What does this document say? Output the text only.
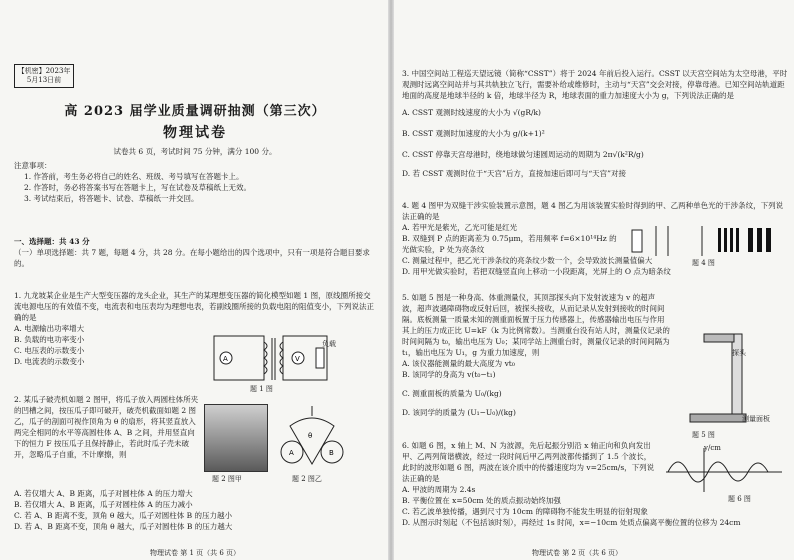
【机密】2023年
5月13日前
高 2023 届学业质量调研抽测（第三次）
物理试卷
试卷共 6 页，考试时间 75 分钟，满分 100 分。
注意事项：
1. 作答前，考生务必将自己的姓名、班级、考号填写在答题卡上。
2. 作答时，务必将答案书写在答题卡上，写在试卷及草稿纸上无效。
3. 考试结束后，将答题卡、试卷、草稿纸一并交回。
一、选择题：共 43 分
（一）单项选择题：共 7 题，每题 4 分，共 28 分。在每小题给出的四个选项中，只有一项是符合题目要求的。

1. 九龙坡某企业是生产大型变压器的龙头企业，其生产的某理想变压器的简化模型如题 1 图，原线圈所接交流电源电压的有效值不变，电流表和电压表均为理想电表，若副线圈所接的负载电阻的阻值变小，下列说法正确的是

A. 电源输出功率增大

B. 负载的电功率变小

C. 电压表的示数变小

D. 电流表的示数变小	A	V
负载
题 1 图

2. 某瓜子破壳机如题 2 图甲，将瓜子放入两圆柱体所夹的凹槽之间，按压瓜子即可破开，破壳机截面如题 2 图乙，瓜子的剖面可视作顶角为 θ 的扇形，将其竖直放入两完全相同的水平等高圆柱体 A、B 之间，并用竖直向下的恒力 F 按压瓜子且保持静止，若此时瓜子壳未破开，忽略瓜子自重，不计摩擦，则

A. 若仅增大 A、B 距离，瓜子对圆柱体 A 的压力增大

B. 若仅增大 A、B 距离，瓜子对圆柱体 A 的压力减小

C. 若 A、B 距离不变，顶角 θ 越大，瓜子对圆柱体 B 的压力越小

D. 若 A、B 距离不变，顶角 θ 越大，瓜子对圆柱体 B 的压力越大

题 2 图甲
A	B
θ
题 2 图乙
物理试卷 第 1 页（共 6 页）

3. 中国空间站工程巡天望远镜（简称“CSST”）将于 2024 年前后投入运行。CSST 以天宫空间站为太空母港，平时观测时远离空间站并与其共轨独立飞行，需要补给或维修时，主动与“天宫”交会对接，停靠母港。已知空间站轨道距地面的高度是地球半径的 k 倍，地球半径为 R，地球表面的重力加速度大小为 g，下列说法正确的是

A. CSST 观测时线速度的大小为 √(gR/k)

B. CSST 观测时加速度的大小为 g/(k+1)²

C. CSST 停靠天宫母港时，绕地球做匀速圆周运动的周期为 2π√(k²R/g)

D. 若 CSST 观测时位于“天宫”后方，直接加速后即可与“天宫”对接

4. 题 4 图甲为双缝干涉实验装置示意图，题 4 图乙为用该装置实验时得到的甲、乙两种单色光的干涉条纹，下列说法正确的是

A. 若甲光是紫光，乙光可能是红光

B. 双缝到 P 点的距离差为 0.75μm，若用频率 f=6×10¹⁴Hz 的光做实验，P 处为亮条纹

C. 测量过程中，把乙光干涉条纹的亮条纹少数一个，会导致波长测量值偏大

D. 用甲光做实验时，若把双缝竖直向上移动一小段距离，光屏上的 O 点为暗条纹

题 4 图

5. 如题 5 图是一种身高、体重测量仪，其顶部探头向下发射波速为 v 的超声波，超声波遇障碍物或反射后回，被探头接收，从而记录从发射到接收的时间间隔。底板测量一质量未知的测重面板置于压力传感器上，传感器输出电压与作用其上的压力成正比 U=kF（k 为比例常数）。当测重台没有站人时，测量仪记录的时间间隔为 t₀，输出电压为 U₀；某同学站上测重台时，测量仪记录的时间间隔为 t₁，输出电压为 U₁，g 为重力加速度，则

A. 该仪器能测量的最大高度为 vt₀

B. 该同学的身高为 v(t₀−t₁)

C. 测重面板的质量为 U₀/(kg)

D. 该同学的质量为 (U₁−U₀)/(kg)

探头
测量面板
题 5 图

6. 如题 6 图，x 轴上 M、N 为波源，先后起振分别沿 x 轴正向和负向发出甲、乙两列简谐横波，经过一段时间后甲乙两列波都传播到了 1.5 个波长，此时的波形如题 6 图，两波在该介质中的传播速度均为 v=25cm/s，下列说法正确的是

A. 甲波的周期为 2.4s

B. 平衡位置在 x=50cm 处的质点振动始终加强

C. 若乙波单独传播，遇到尺寸为 10cm 的障碍物不能发生明显的衍射现象

D. 从图示时刻起（不包括该时刻），再经过 1s 时间，x=−10cm 处质点偏离平衡位置的位移为 24cm

y/cm
题 6 图
物理试卷 第 2 页（共 6 页）
